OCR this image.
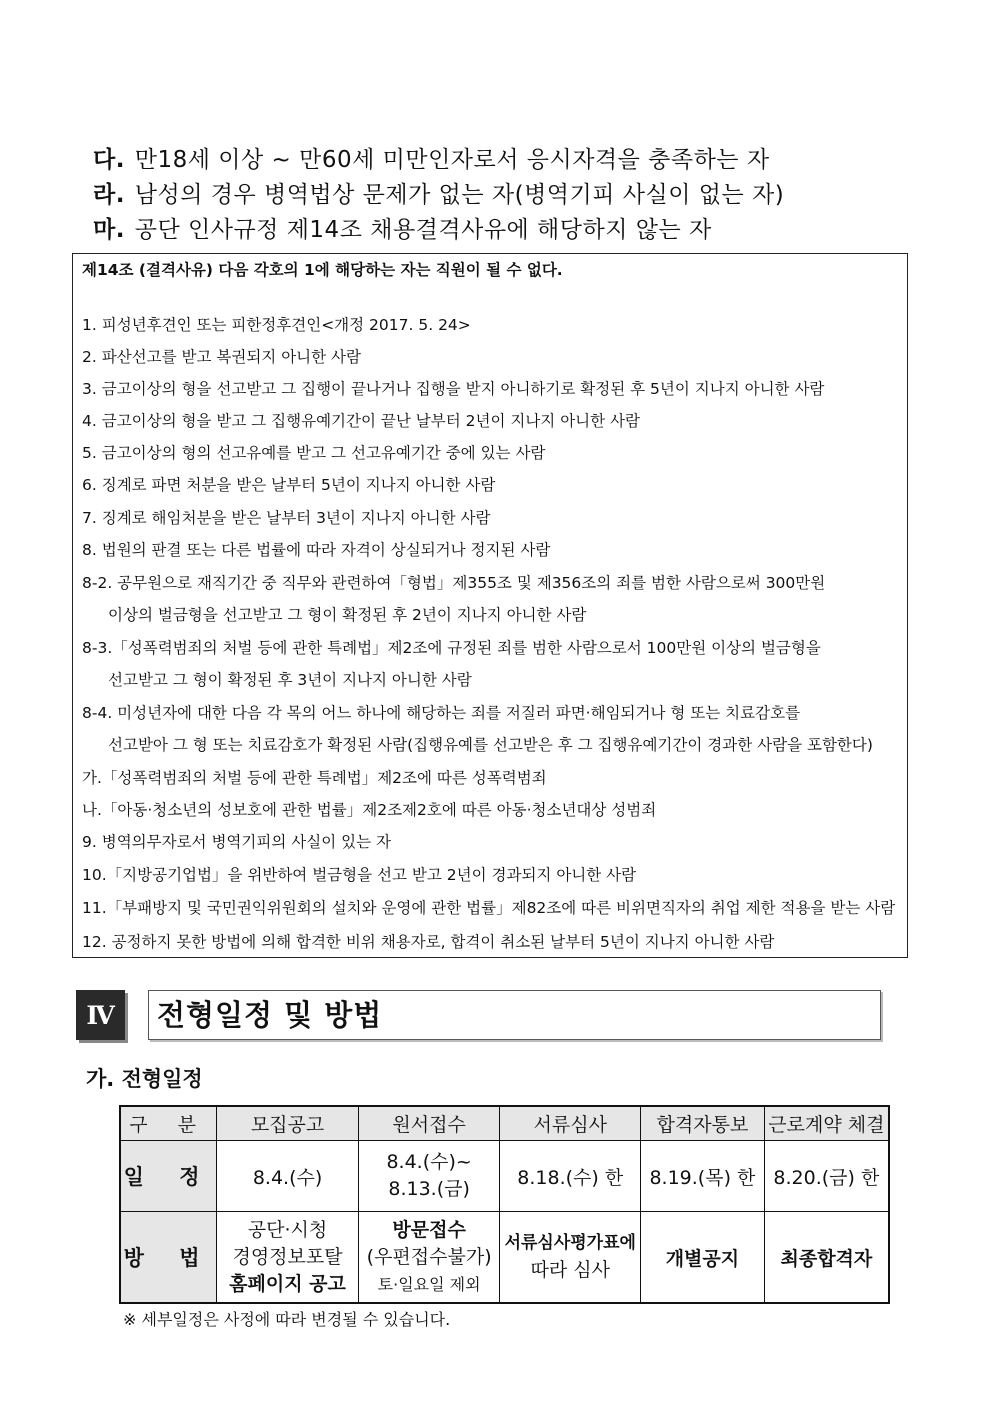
다. 만18세 이상 ~ 만60세 미만인자로서 응시자격을 충족하는 자
라. 남성의 경우 병역법상 문제가 없는 자(병역기피 사실이 없는 자)
마. 공단 인사규정 제14조 채용결격사유에 해당하지 않는 자
제14조 (결격사유) 다음 각호의 1에 해당하는 자는 직원이 될 수 없다.
1. 피성년후견인 또는 피한정후견인<개정 2017. 5. 24>
2. 파산선고를 받고 복권되지 아니한 사람
3. 금고이상의 형을 선고받고 그 집행이 끝나거나 집행을 받지 아니하기로 확정된 후 5년이 지나지 아니한 사람
4. 금고이상의 형을 받고 그 집행유예기간이 끝난 날부터 2년이 지나지 아니한 사람
5. 금고이상의 형의 선고유예를 받고 그 선고유예기간 중에 있는 사람
6. 징계로 파면 처분을 받은 날부터 5년이 지나지 아니한 사람
7. 징계로 해임처분을 받은 날부터 3년이 지나지 아니한 사람
8. 법원의 판결 또는 다른 법률에 따라 자격이 상실되거나 정지된 사람
8-2. 공무원으로 재직기간 중 직무와 관련하여「형법」제355조 및 제356조의 죄를 범한 사람으로써 300만원
이상의 벌금형을 선고받고 그 형이 확정된 후 2년이 지나지 아니한 사람
8-3.「성폭력범죄의 처벌 등에 관한 특례법」제2조에 규정된 죄를 범한 사람으로서 100만원 이상의 벌금형을
선고받고 그 형이 확정된 후 3년이 지나지 아니한 사람
8-4. 미성년자에 대한 다음 각 목의 어느 하나에 해당하는 죄를 저질러 파면·해임되거나 형 또는 치료감호를
선고받아 그 형 또는 치료감호가 확정된 사람(집행유예를 선고받은 후 그 집행유예기간이 경과한 사람을 포함한다)
가.「성폭력범죄의 처벌 등에 관한 특례법」제2조에 따른 성폭력범죄
나.「아동·청소년의 성보호에 관한 법률」제2조제2호에 따른 아동·청소년대상 성범죄
9. 병역의무자로서 병역기피의 사실이 있는 자
10.「지방공기업법」을 위반하여 벌금형을 선고 받고 2년이 경과되지 아니한 사람
11.「부패방지 및 국민권익위원회의 설치와 운영에 관한 법률」제82조에 따른 비위면직자의 취업 제한 적용을 받는 사람
12. 공정하지 못한 방법에 의해 합격한 비위 채용자로, 합격이 취소된 날부터 5년이 지나지 아니한 사람
Ⅳ	전형일정 및 방법
가. 전형일정
구 분	모집공고	원서접수	서류심사	합격자통보	근로계약 체결
일 정	8.4.(수)	8.4.(수)~
8.13.(금)	8.18.(수) 한	8.19.(목) 한	8.20.(금) 한
방 법	공단·시청
경영정보포탈
홈페이지 공고	방문접수
(우편접수불가)
토·일요일 제외	서류심사평가표에
따라 심사	개별공지	최종합격자
※ 세부일정은 사정에 따라 변경될 수 있습니다.
